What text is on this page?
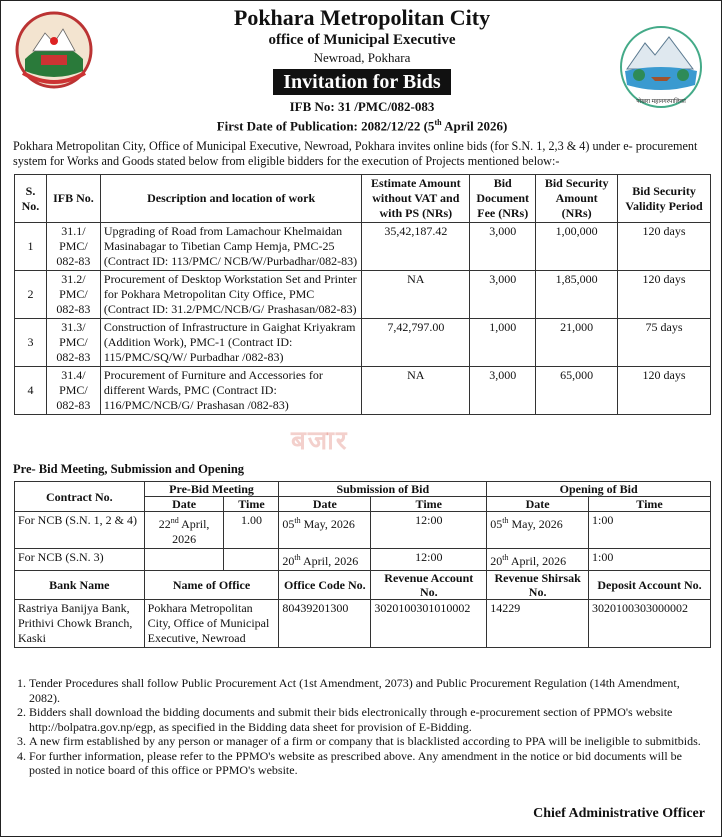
पोखरा महानगरपालिका
Pokhara Metropolitan City
office of Municipal Executive
Newroad, Pokhara
Invitation for Bids
IFB No: 31 /PMC/082-083
First Date of Publication: 2082/12/22 (5th April 2026)
Pokhara Metropolitan City, Office of Municipal Executive, Newroad, Pokhara invites online bids (for S.N. 1, 2,3 & 4) under e- procurement system for Works and Goods stated below from eligible bidders for the execution of Projects mentioned below:-
S. No.	IFB No.	Description and location of work	Estimate Amount without VAT and with PS (NRs)	Bid Document Fee (NRs)	Bid Security Amount (NRs)	Bid Security Validity Period
1	31.1/ PMC/ 082-83	Upgrading of Road from Lamachour Khelmaidan Masinabagar to Tibetian Camp Hemja, PMC-25 (Contract ID: 113/PMC/ NCB/W/Purbadhar/082-83)	35,42,187.42	3,000	1,00,000	120 days
2	31.2/ PMC/ 082-83	Procurement of Desktop Workstation Set and Printer for Pokhara Metropolitan City Office, PMC (Contract ID: 31.2/PMC/NCB/G/ Prashasan/082-83)	NA	3,000	1,85,000	120 days
3	31.3/ PMC/ 082-83	Construction of Infrastructure in Gaighat Kriyakram (Addition Work), PMC-1 (Contract ID: 115/PMC/SQ/W/ Purbadhar /082-83)	7,42,797.00	1,000	21,000	75 days
4	31.4/ PMC/ 082-83	Procurement of Furniture and Accessories for different Wards, PMC (Contract ID: 116/PMC/NCB/G/ Prashasan /082-83)	NA	3,000	65,000	120 days
बजार
Pre- Bid Meeting, Submission and Opening
Contract No.	Pre-Bid Meeting		Submission of Bid		Opening of Bid	
	Date	Time	Date	Time	Date	Time
For NCB (S.N. 1, 2 & 4)	22nd April, 2026	1.00	05th May, 2026	12:00	05th May, 2026	1:00
For NCB (S.N. 3)			20th April, 2026	12:00	20th April, 2026	1:00
Bank Name	Name of Office		Office Code No.	Revenue Account No.	Revenue Shirsak No.	Deposit Account No.
Rastriya Banijya Bank, Prithivi Chowk Branch, Kaski	Pokhara Metropolitan City, Office of Municipal Executive, Newroad		80439201300	3020100301010002	14229	3020100303000002
1. Tender Procedures shall follow Public Procurement Act (1st Amendment, 2073) and Public Procurement Regulation (14th Amendment, 2082).
2. Bidders shall download the bidding documents and submit their bids electronically through e-procurement section of PPMO's website http://bolpatra.gov.np/egp, as specified in the Bidding data sheet for provision of E-Bidding.
3. A new firm established by any person or manager of a firm or company that is blacklisted according to PPA will be ineligible to submitbids.
4. For further information, please refer to the PPMO's website as prescribed above. Any amendment in the notice or bid documents will be posted in notice board of this office or PPMO's website.
Chief Administrative Officer
